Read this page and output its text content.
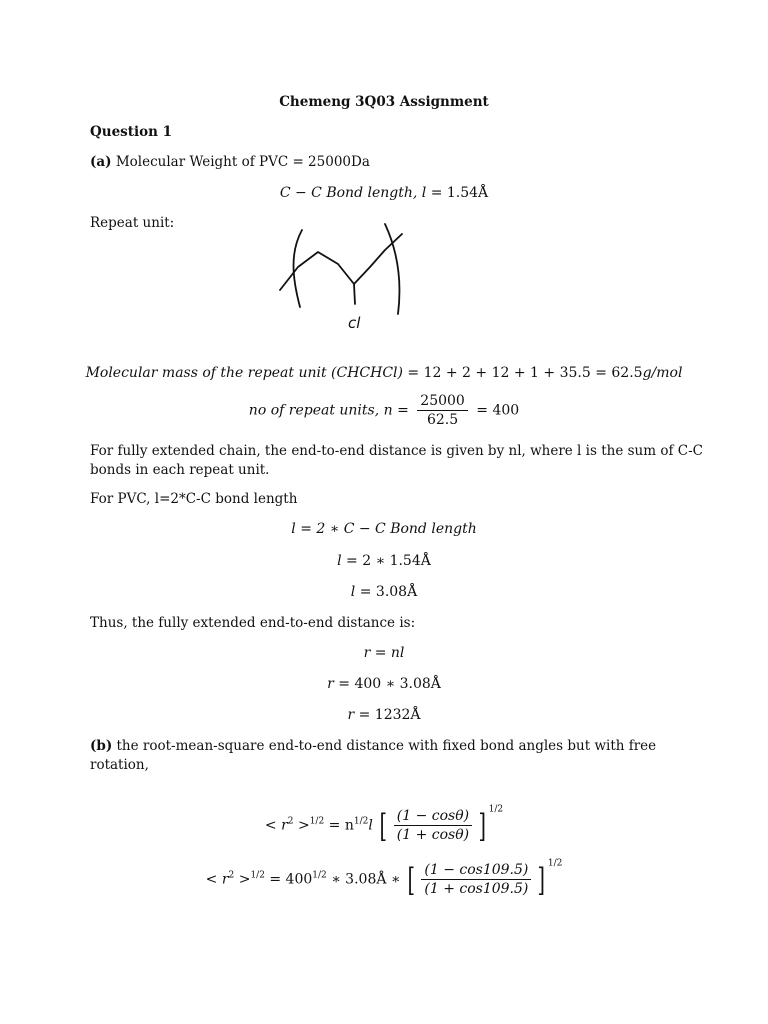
Chemeng 3Q03 Assignment
Question 1
(a) Molecular Weight of PVC = 25000Da
C − C Bond length, l = 1.54Å
Repeat unit:
cl
Molecular mass of the repeat unit (CHCHCl) = 12 + 2 + 12 + 1 + 35.5 = 62.5g/mol
no of repeat units, $n = \frac{25000}{62.5} = 400$
For fully extended chain, the end-to-end distance is given by nl, where l is the sum of C-C
bonds in each repeat unit.
For PVC, l=2*C-C bond length
l = 2 ∗ C − C Bond length
l = 2 ∗ 1.54Å
l = 3.08Å
Thus, the fully extended end-to-end distance is:
r = nl
r = 400 ∗ 3.08Å
r = 1232Å
(b) the root-mean-square end-to-end distance with fixed bond angles but with free
rotation,
< $r^2 >^{1/2} = n^{1/2}l$ [ $\frac{(1 - \cos\theta)}{(1 + \cos\theta)}$ ] $^{1/2}$
< $r^2 >^{1/2} = 400^{1/2}$ ∗ 3.08Å ∗ [ $\frac{(1 - \cos 109.5)}{(1 + \cos 109.5)}$ ] $^{1/2}$
